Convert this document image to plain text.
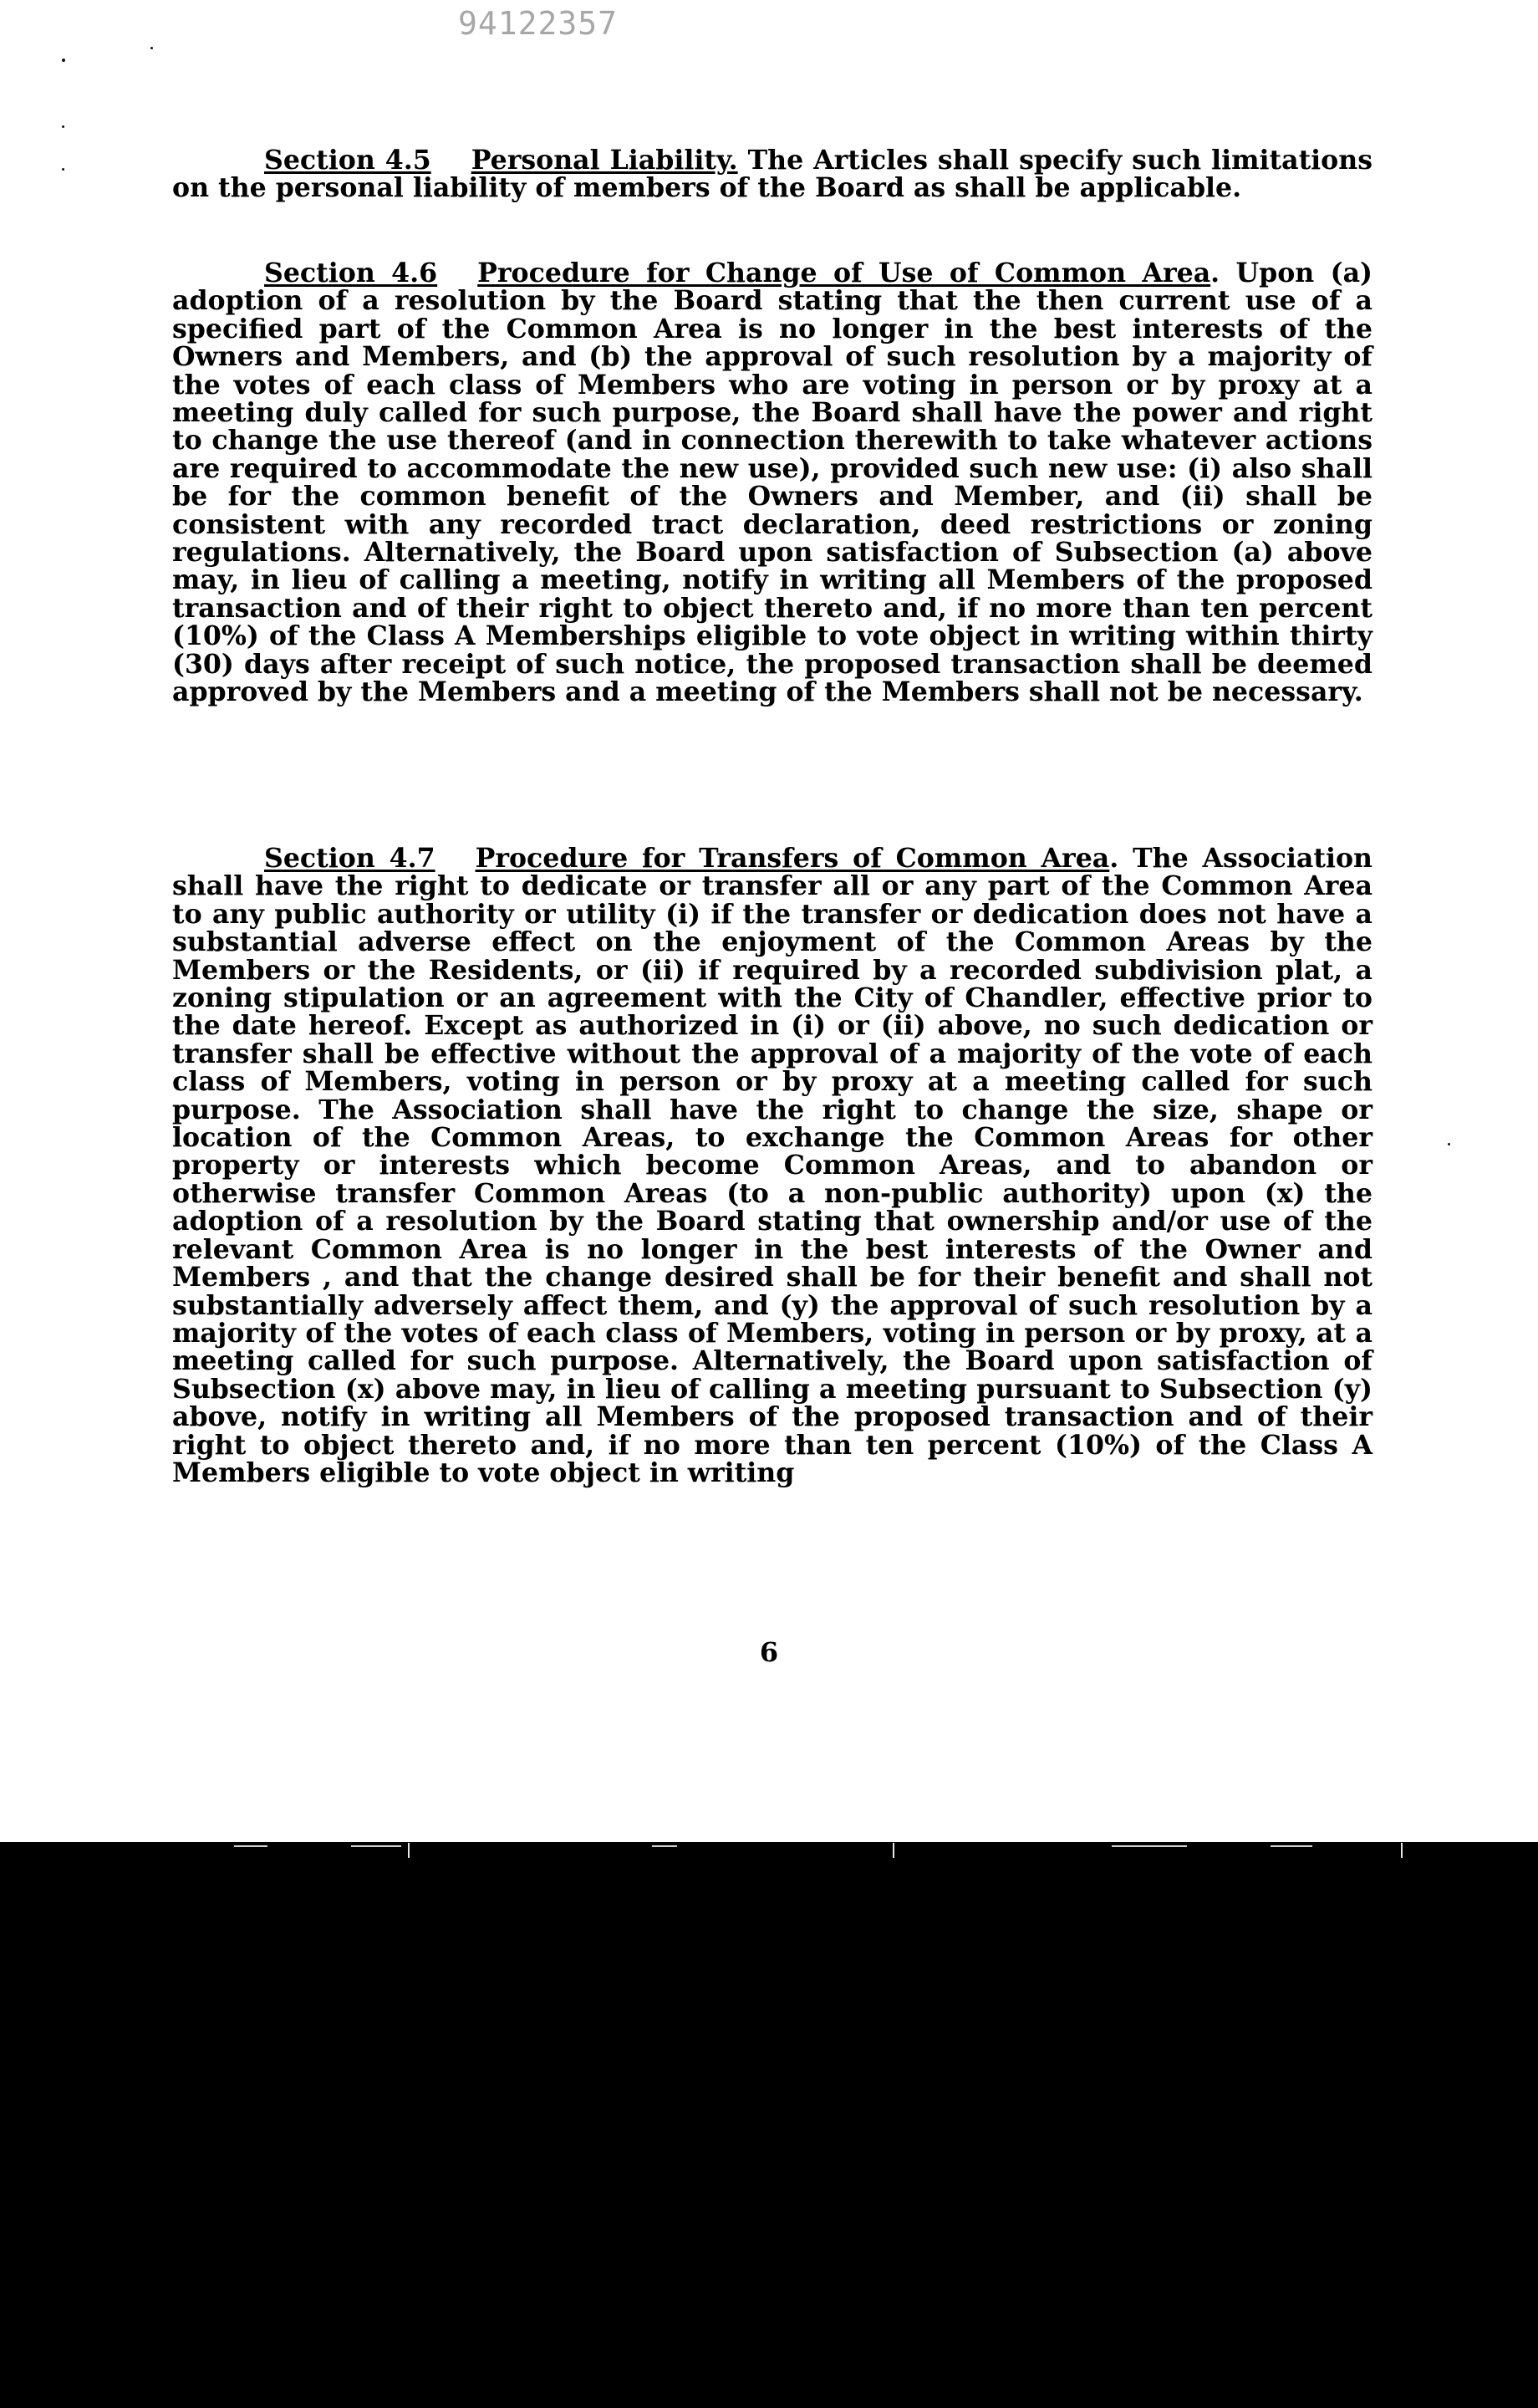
94122357

Section 4.5 Personal Liability. The Articles shall specify such limitations on the personal liability of members of the Board as shall be applicable.

Section 4.6 Procedure for Change of Use of Common Area. Upon (a) adoption of a resolution by the Board stating that the then current use of a specified part of the Common Area is no longer in the best interests of the Owners and Members, and (b) the approval of such resolution by a majority of the votes of each class of Members who are voting in person or by proxy at a meeting duly called for such purpose, the Board shall have the power and right to change the use thereof (and in connection therewith to take whatever actions are required to accommodate the new use), provided such new use: (i) also shall be for the common benefit of the Owners and Member, and (ii) shall be consistent with any recorded tract declaration, deed restrictions or zoning regulations. Alternatively, the Board upon satisfaction of Subsection (a) above may, in lieu of calling a meeting, notify in writing all Members of the proposed transaction and of their right to object thereto and, if no more than ten percent (10%) of the Class A Memberships eligible to vote object in writing within thirty (30) days after receipt of such notice, the proposed transaction shall be deemed approved by the Members and a meeting of the Members shall not be necessary.

Section 4.7 Procedure for Transfers of Common Area. The Association shall have the right to dedicate or transfer all or any part of the Common Area to any public authority or utility (i) if the transfer or dedication does not have a substantial adverse effect on the enjoyment of the Common Areas by the Members or the Residents, or (ii) if required by a recorded subdivision plat, a zoning stipulation or an agreement with the City of Chandler, effective prior to the date hereof. Except as authorized in (i) or (ii) above, no such dedication or transfer shall be effective without the approval of a majority of the vote of each class of Members, voting in person or by proxy at a meeting called for such purpose. The Association shall have the right to change the size, shape or location of the Common Areas, to exchange the Common Areas for other property or interests which become Common Areas, and to abandon or otherwise transfer Common Areas (to a non-public authority) upon (x) the adoption of a resolution by the Board stating that ownership and/or use of the relevant Common Area is no longer in the best interests of the Owner and Members , and that the change desired shall be for their benefit and shall not substantially adversely affect them, and (y) the approval of such resolution by a majority of the votes of each class of Members, voting in person or by proxy, at a meeting called for such purpose. Alternatively, the Board upon satisfaction of Subsection (x) above may, in lieu of calling a meeting pursuant to Subsection (y) above, notify in writing all Members of the proposed transaction and of their right to object thereto and, if no more than ten percent (10%) of the Class A Members eligible to vote object in writing

6
